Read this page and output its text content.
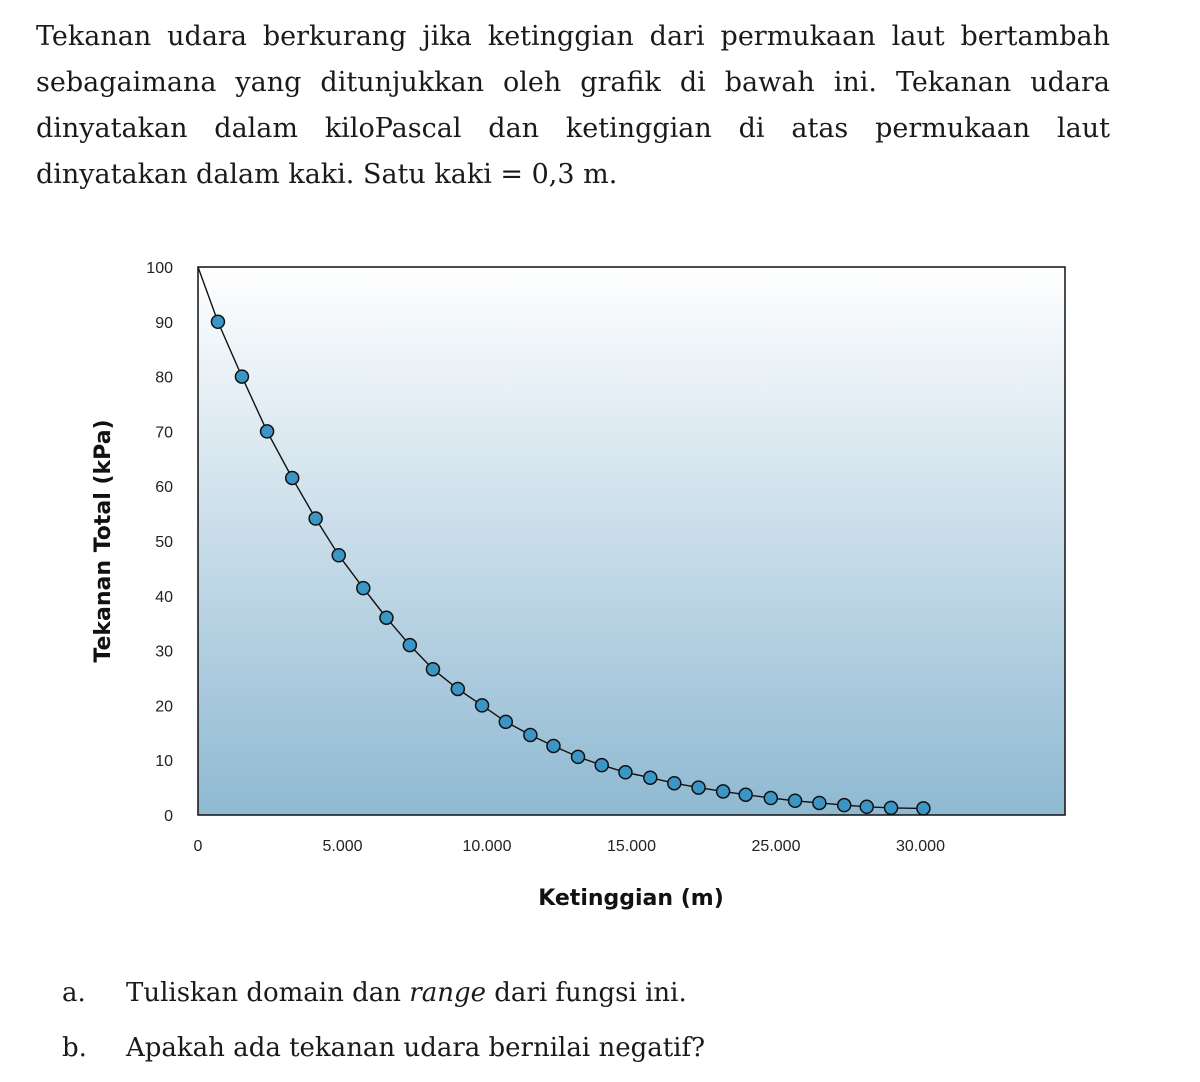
Tekanan udara berkurang jika ketinggian dari permukaan laut bertambah sebagaimana yang ditunjukkan oleh grafik di bawah ini. Tekanan udara dinyatakan dalam kiloPascal dan ketinggian di atas permukaan laut dinyatakan dalam kaki. Satu kaki = 0,3 m.

0
10
20
30
40
50
60
70
80
90
100
0	5.000	10.000	15.000	25.000	30.000
Ketinggian (m)
Tekanan Total (kPa)
a. Tuliskan domain dan range dari fungsi ini.
b. Apakah ada tekanan udara bernilai negatif?
